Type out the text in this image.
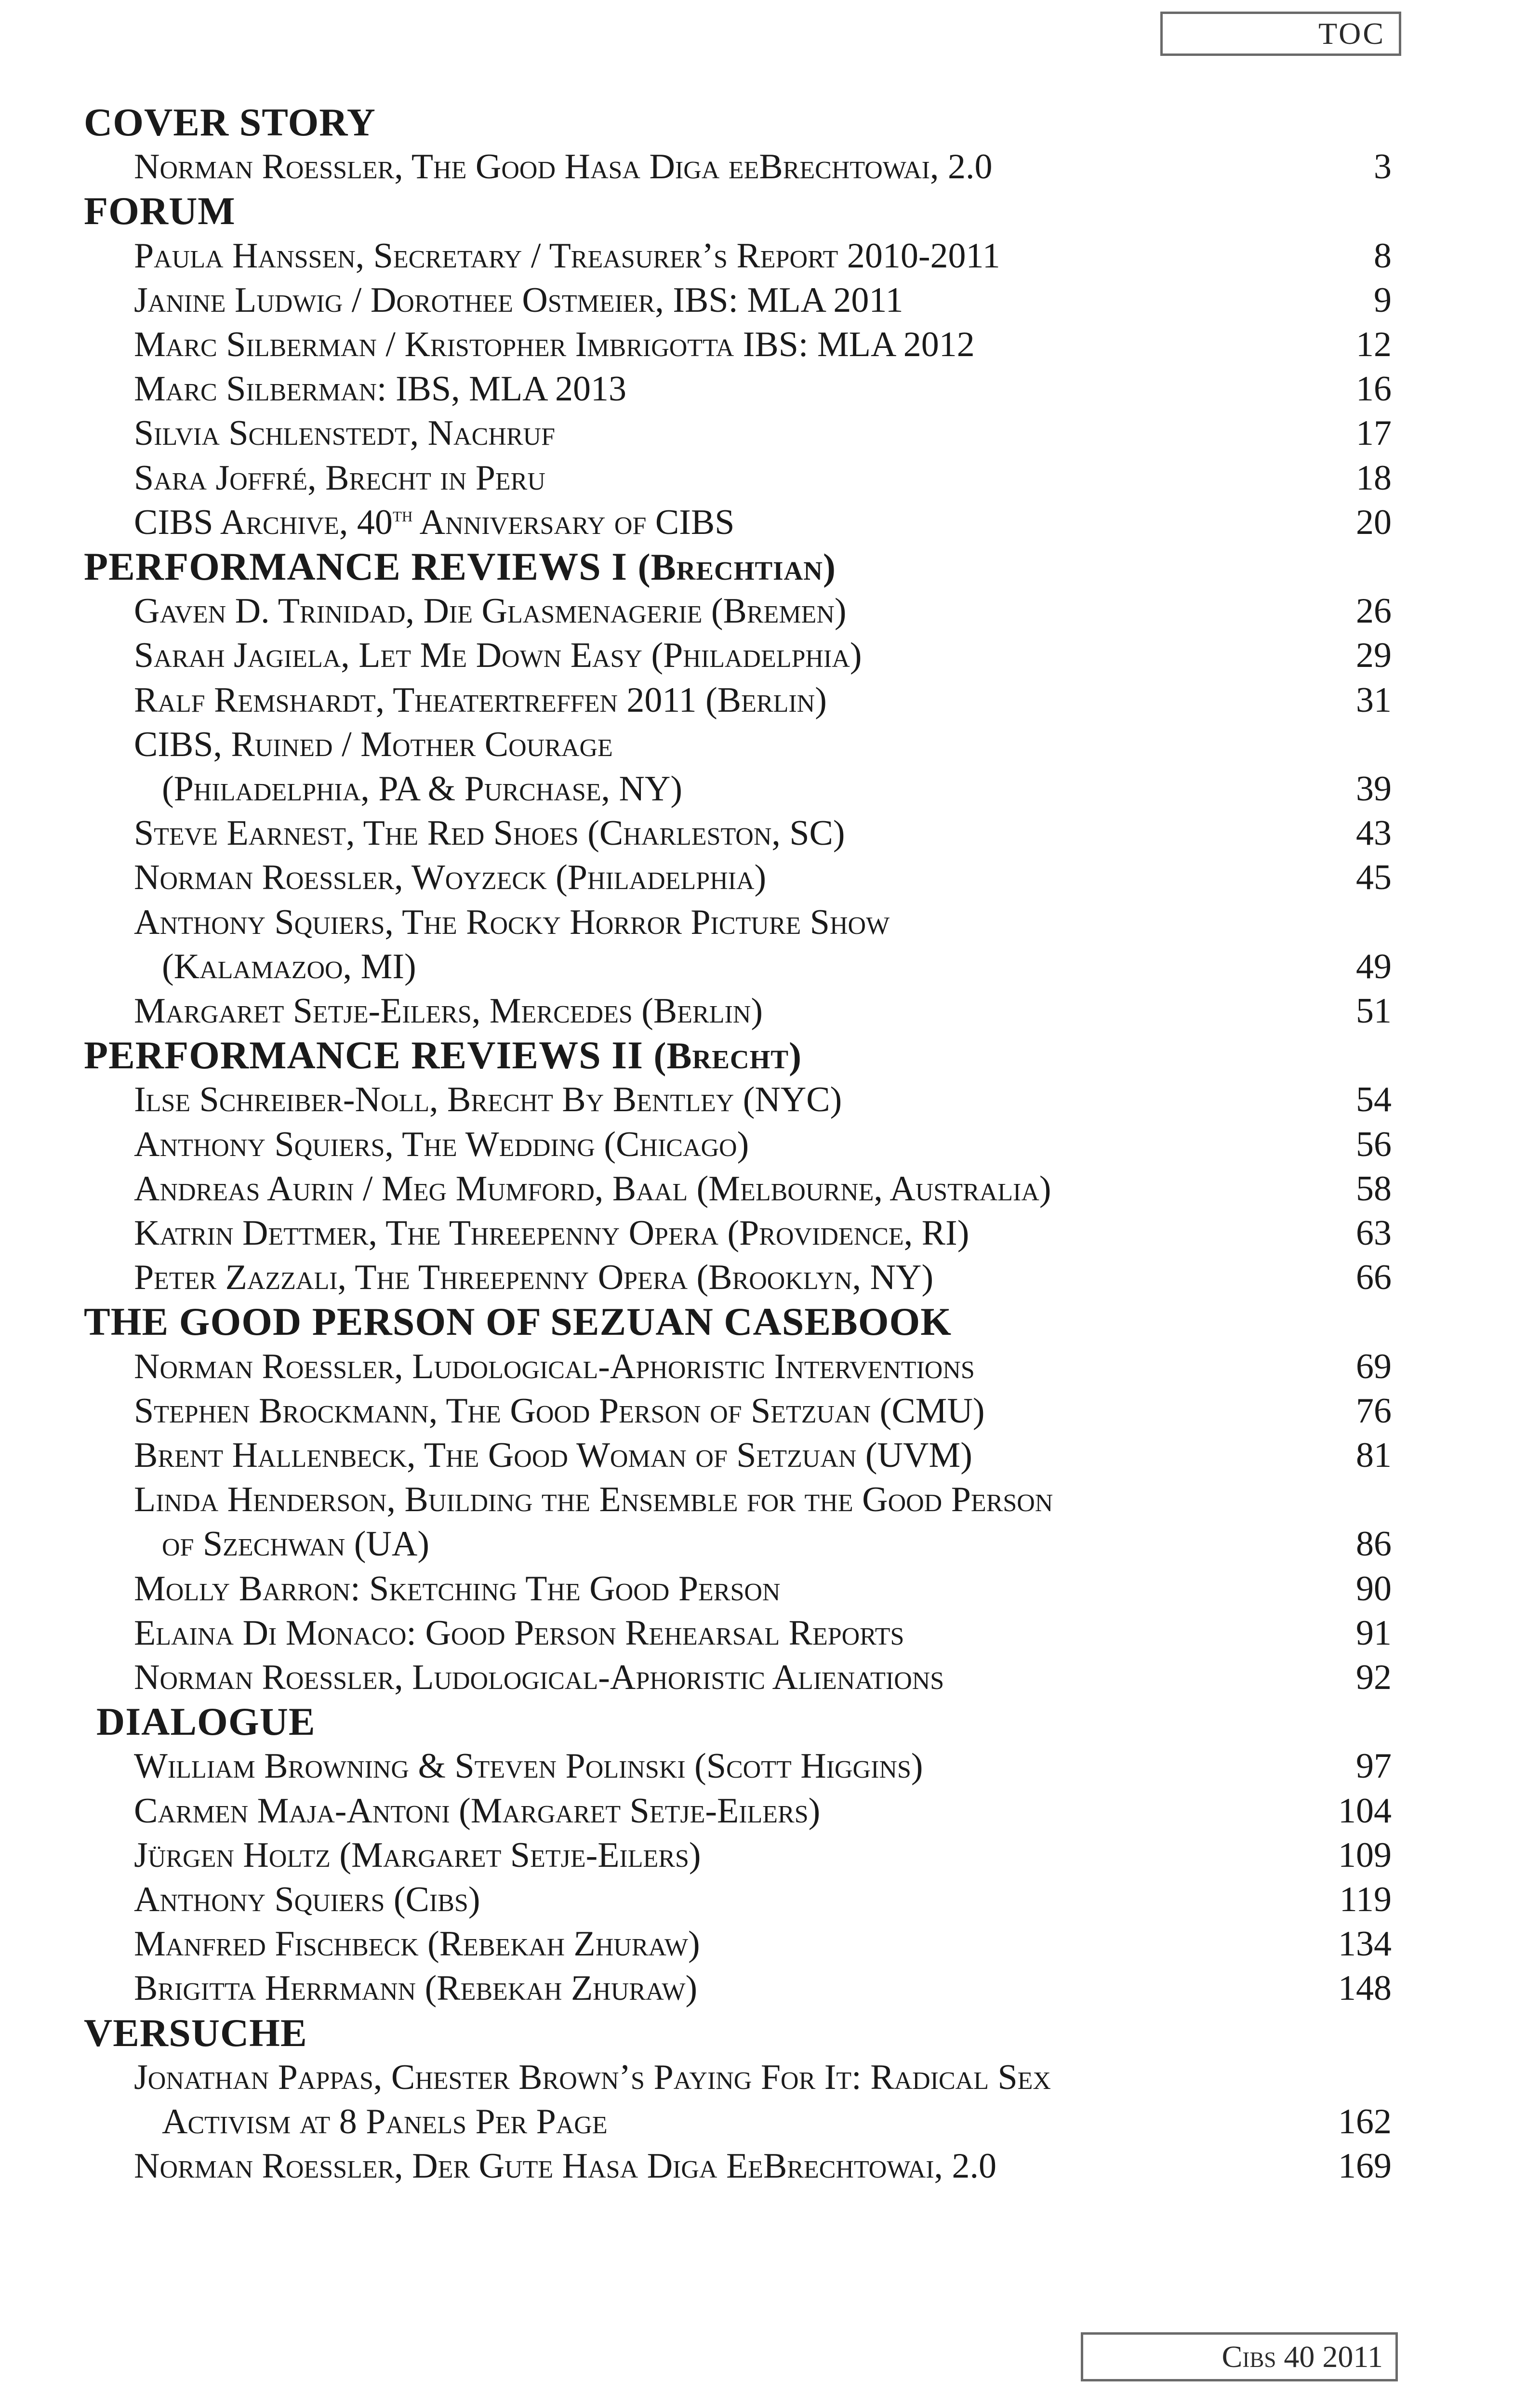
TOC
COVER STORY
Norman Roessler, The Good Hasa Diga eeBrechtowai, 2.0	3
FORUM
Paula Hanssen, Secretary / Treasurer’s Report 2010-2011	8
Janine Ludwig / Dorothee Ostmeier, IBS: MLA 2011	9
Marc Silberman / Kristopher Imbrigotta IBS: MLA 2012	12
Marc Silberman: IBS, MLA 2013	16
Silvia Schlenstedt, Nachruf	17
Sara Joffré, Brecht in Peru	18
CIBS Archive, 40th Anniversary of CIBS	20
PERFORMANCE REVIEWS I (Brechtian)
Gaven D. Trinidad, Die Glasmenagerie (Bremen)	26
Sarah Jagiela, Let Me Down Easy (Philadelphia)	29
Ralf Remshardt, Theatertreffen 2011 (Berlin)	31
CIBS, Ruined / Mother Courage
(Philadelphia, PA & Purchase, NY)	39
Steve Earnest, The Red Shoes (Charleston, SC)	43
Norman Roessler, Woyzeck (Philadelphia)	45
Anthony Squiers, The Rocky Horror Picture Show
(Kalamazoo, MI)	49
Margaret Setje-Eilers, Mercedes (Berlin)	51
PERFORMANCE REVIEWS II (Brecht)
Ilse Schreiber-Noll, Brecht By Bentley (NYC)	54
Anthony Squiers, The Wedding (Chicago)	56
Andreas Aurin / Meg Mumford, Baal (Melbourne, Australia)	58
Katrin Dettmer, The Threepenny Opera (Providence, RI)	63
Peter Zazzali, The Threepenny Opera (Brooklyn, NY)	66
THE GOOD PERSON OF SEZUAN CASEBOOK
Norman Roessler, Ludological-Aphoristic Interventions	69
Stephen Brockmann, The Good Person of Setzuan (CMU)	76
Brent Hallenbeck, The Good Woman of Setzuan (UVM)	81
Linda Henderson, Building the Ensemble for the Good Person
of Szechwan (UA)	86
Molly Barron: Sketching The Good Person	90
Elaina Di Monaco: Good Person Rehearsal Reports	91
Norman Roessler, Ludological-Aphoristic Alienations	92
DIALOGUE
William Browning & Steven Polinski (Scott Higgins)	97
Carmen Maja-Antoni (Margaret Setje-Eilers)	104
Jürgen Holtz (Margaret Setje-Eilers)	109
Anthony Squiers (Cibs)	119
Manfred Fischbeck (Rebekah Zhuraw)	134
Brigitta Herrmann (Rebekah Zhuraw)	148
VERSUCHE
Jonathan Pappas, Chester Brown’s Paying For It: Radical Sex
Activism at 8 Panels Per Page	162
Norman Roessler, Der Gute Hasa Diga EeBrechtowai, 2.0	169
Cibs 40 2011
